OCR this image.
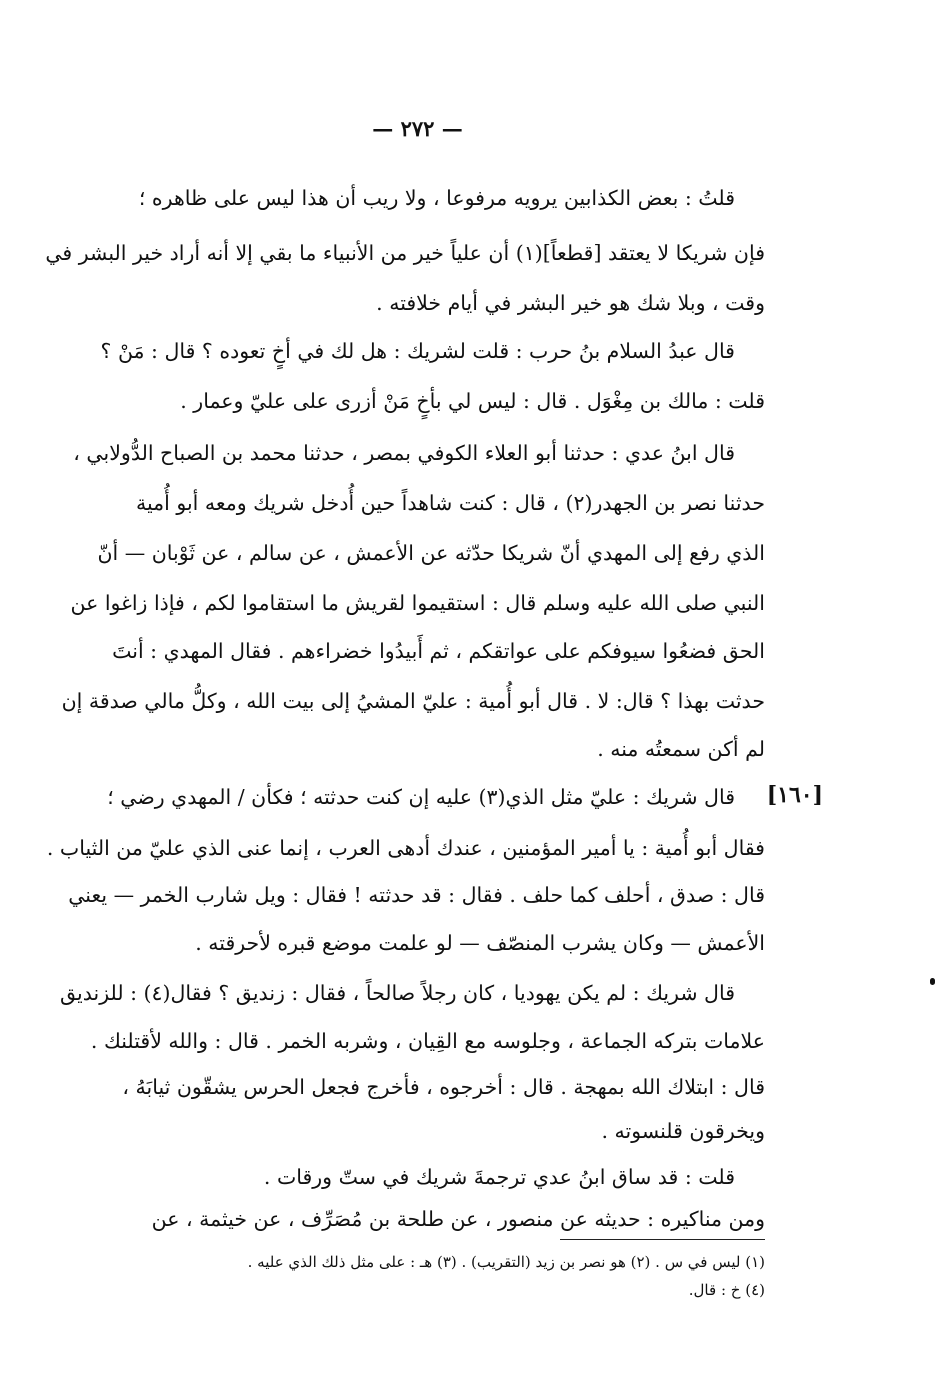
— ٢٧٢ —
قلتُ : بعض الكذابين يرويه مرفوعا ، ولا ريب أن هذا ليس على ظاهره ؛
فإن شريكا لا يعتقد [قطعاً](١) أن علياً خير من الأنبياء ما بقي إلا أنه أراد خير البشر في
وقت ، وبلا شك هو خير البشر في أيام خلافته .
قال عبدُ السلام بنُ حرب : قلت لشريك : هل لك في أخٍ تعوده ؟ قال : مَنْ ؟
قلت : مالك بن مِغْوَل . قال : ليس لي بأخٍ مَنْ أزرى على عليّ وعمار .
قال ابنُ عدي : حدثنا أبو العلاء الكوفي بمصر ، حدثنا محمد بن الصباح الدُّولابي ،
حدثنا نصر بن الجهدر(٢) ، قال : كنت شاهداً حين أُدخل شريك ومعه أبو أُمية
الذي رفع إلى المهدي أنّ شريكا حدّثه عن الأعمش ، عن سالم ، عن ثَوْبان — أنّ
النبي صلى الله عليه وسلم قال : استقيموا لقريش ما استقاموا لكم ، فإذا زاغوا عن
الحق فضعُوا سيوفكم على عواتقكم ، ثم أَبيدُوا خضراءهم . فقال المهدي : أنتَ
حدثت بهذا ؟ قال: لا . قال أبو أُمية : عليّ المشيُ إلى بيت الله ، وكلُّ مالي صدقة إن
لم أكن سمعتُه منه .
[١٦٠]
قال شريك : عليّ مثل الذي(٣) عليه إن كنت حدثته ؛ فكأن / المهدي رضي ؛
فقال أبو أُمية : يا أمير المؤمنين ، عندك أدهى العرب ، إنما عنى الذي عليّ من الثياب .
قال : صدق ، أحلف كما حلف . فقال : قد حدثته ! فقال : ويل شارب الخمر — يعني
الأعمش — وكان يشرب المنصّف — لو علمت موضع قبره لأحرقته .
قال شريك : لم يكن يهوديا ، كان رجلاً صالحاً ، فقال : زنديق ؟ فقال(٤) : للزنديق
علامات بتركه الجماعة ، وجلوسه مع القِيان ، وشربه الخمر . قال : والله لأقتلنك .
قال : ابتلاك الله بمهجة . قال : أخرجوه ، فأخرج فجعل الحرس يشقّون ثيابَهُ ،
ويخرقون قلنسوته .
قلت : قد ساق ابنُ عدي ترجمةَ شريك في ستّ ورقات .
ومن مناكيره : حديثه عن منصور ، عن طلحة بن مُصَرِّف ، عن خيثمة ، عن
(١) ليس في س . (٢) هو نصر بن زيد (التقريب) . (٣) هـ : على مثل ذلك الذي عليه .
(٤) خ : قال.
